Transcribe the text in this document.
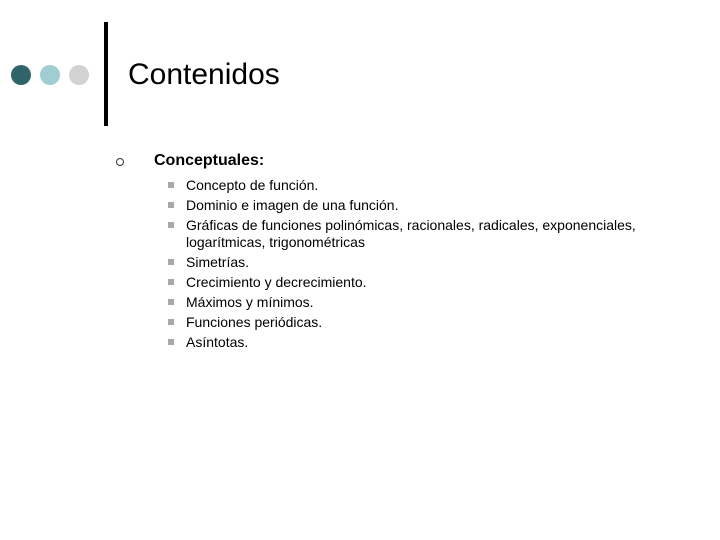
Contenidos
Conceptuales:
Concepto de función.
Dominio e imagen de una función.
Gráficas de funciones polinómicas, racionales, radicales, exponenciales, logarítmicas, trigonométricas
Simetrías.
Crecimiento y decrecimiento.
Máximos y mínimos.
Funciones periódicas.
Asíntotas.
